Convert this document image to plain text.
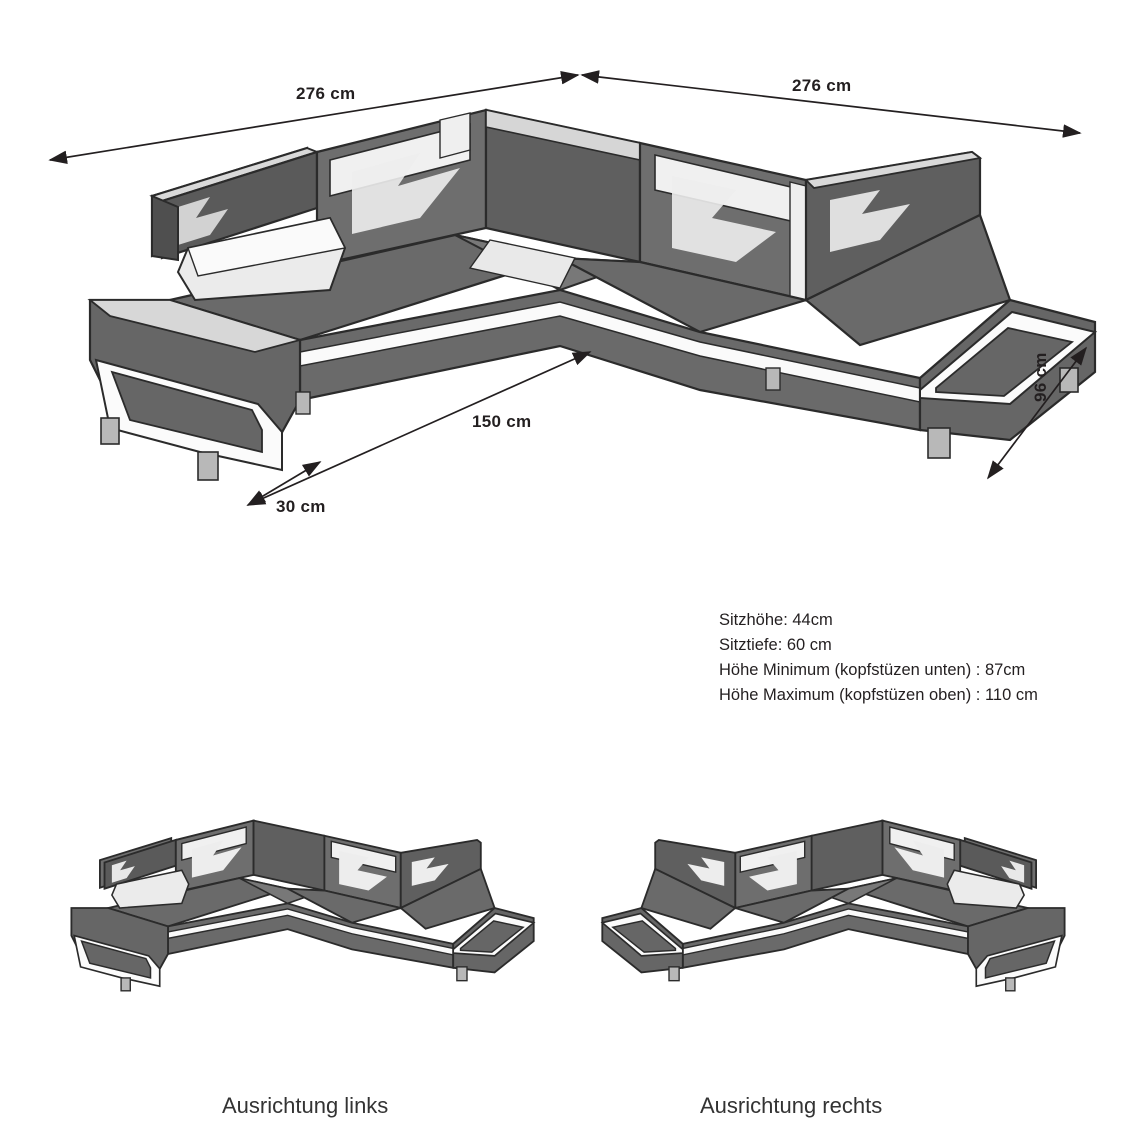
276 cm	276 cm
150 cm
30 cm
96 cm
Sitzhöhe: 44cm
Sitztiefe: 60 cm
Höhe Minimum (kopfstüzen unten) : 87cm
Höhe Maximum (kopfstüzen oben) : 110 cm
Ausrichtung links	Ausrichtung rechts
